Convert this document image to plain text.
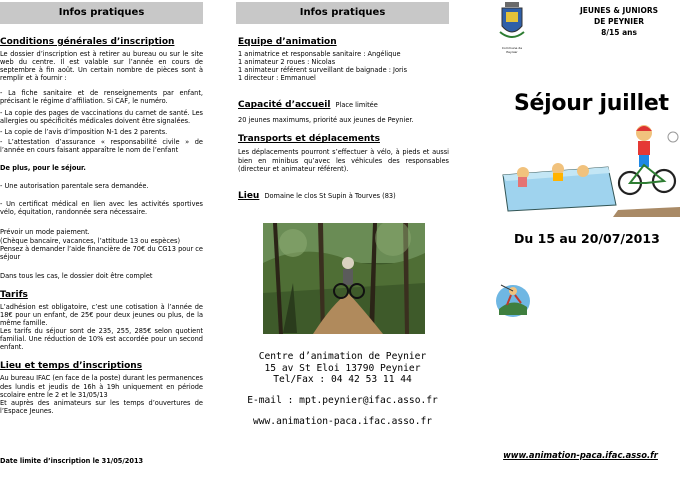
Infos pratiques
Conditions générales d’inscription
Le dossier d’inscription est à retirer au bureau ou sur le site web du centre. Il est valable sur l’année en cours de septembre à fin août. Un certain nombre de pièces sont à remplir et à fournir :
- La fiche sanitaire et de renseignements par enfant, précisant le régime d’affiliation. Si CAF, le numéro.
- La copie des pages de vaccinations du carnet de santé. Les allergies ou spécificités médicales doivent être signalées.
- La copie de l’avis d’imposition N-1 des 2 parents.
- L’attestation d’assurance « responsabilité civile » de l’année en cours faisant apparaître le nom de l’enfant
De plus, pour le séjour.
- Une autorisation parentale sera demandée.
- Un certificat médical en lien avec les activités sportives vélo, équitation, randonnée sera nécessaire.
Prévoir un mode paiement.
(Chèque bancaire, vacances, l’attitude 13 ou espèces)
Pensez à demander l’aide financière de 70€ du CG13 pour ce séjour
Dans tous les cas, le dossier doit être complet
Tarifs
L’adhésion est obligatoire, c’est une cotisation à l’année de 18€ pour un enfant, de 25€ pour deux jeunes ou plus, de la même famille.
Les tarifs du séjour sont de 235, 255, 285€ selon quotient familial. Une réduction de 10% est accordée pour un second enfant.
Lieu et temps d’inscriptions
Au bureau IFAC (en face de la poste) durant les permanences des lundis et jeudis de 16h à 19h uniquement en période scolaire entre le 2 et le 31/05/13
Et auprès des animateurs sur les temps d’ouvertures de l’Espace Jeunes.
Date limite d’inscription le 31/05/2013
Infos pratiques
Equipe d’animation
1 animatrice et responsable sanitaire : Angélique
1 animateur 2 roues : Nicolas
1 animateur référent surveillant de baignade : Joris
1 directeur : Emmanuel
Capacité d’accueil Place limitée
20 jeunes maximums, priorité aux jeunes de Peynier.
Transports et déplacements
Les déplacements pourront s’effectuer à vélo, à pieds et aussi bien en minibus qu’avec les véhicules des responsables (directeur et animateur référent).
Lieu Domaine le clos St Supin à Tourves (83)
Centre d’animation de Peynier
15 av St Eloi 13790 Peynier
Tel/Fax : 04 42 53 11 44
E-mail : mpt.peynier@ifac.asso.fr
www.animation-paca.ifac.asso.fr
Commune de Peynier
JEUNES & JUNIORS
DE PEYNIER
8/15 ans
Séjour juillet
Du 15 au 20/07/2013
www.animation-paca.ifac.asso.fr
